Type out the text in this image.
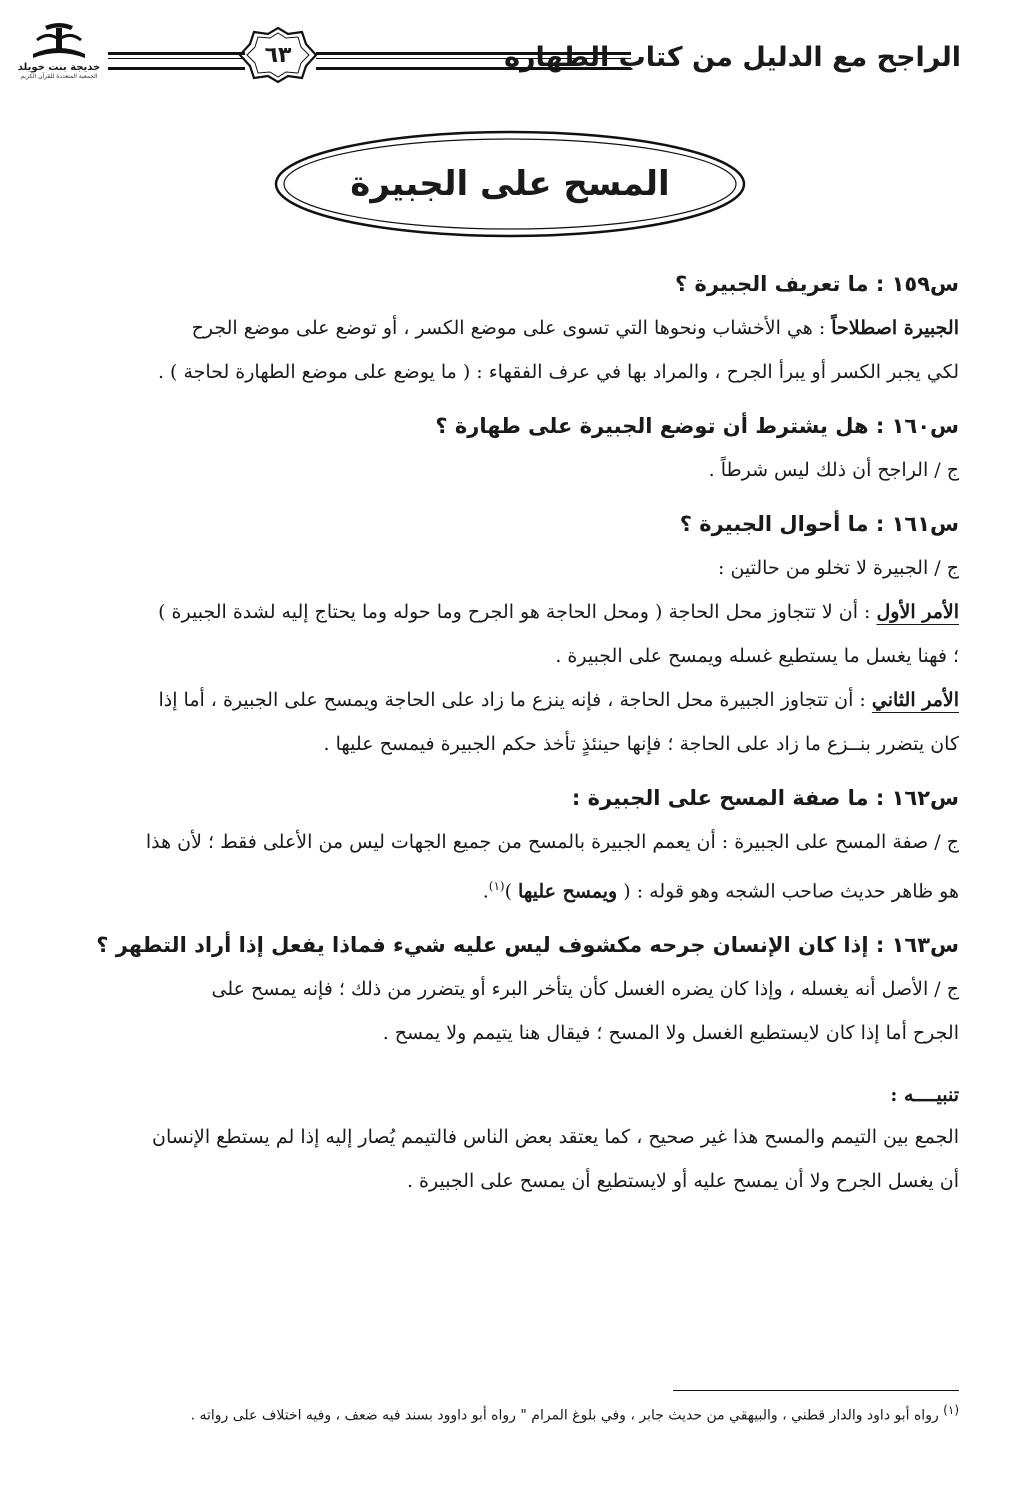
الراجح مع الدليل من كتاب الطهارة
٦٣
خديجة بنت خويلد
الجمعية المتعددة للقرآن الكريم
المسح على الجبيرة
س١٥٩ : ما تعريف الجبيرة ؟
الجبيرة اصطلاحاً : هي الأخشاب ونحوها التي تسوى على موضع الكسر ، أو توضع على موضع الجرح
لكي يجبر الكسر أو يبرأ الجرح ، والمراد بها في عرف الفقهاء : ( ما يوضع على موضع الطهارة لحاجة ) .
س١٦٠ : هل يشترط أن توضع الجبيرة على طهارة ؟
ج / الراجح أن ذلك ليس شرطاً .
س١٦١ : ما أحوال الجبيرة ؟
ج / الجبيرة لا تخلو من حالتين :
الأمر الأول : أن لا تتجاوز محل الحاجة ( ومحل الحاجة هو الجرح وما حوله وما يحتاج إليه لشدة الجبيرة )
؛ فهنا يغسل ما يستطيع غسله ويمسح على الجبيرة .
الأمر الثاني : أن تتجاوز الجبيرة محل الحاجة ، فإنه ينزع ما زاد على الحاجة ويمسح على الجبيرة ، أما إذا
كان يتضرر بنــزع ما زاد على الحاجة ؛ فإنها حينئذٍ تأخذ حكم الجبيرة فيمسح عليها .
س١٦٢ : ما صفة المسح على الجبيرة :
ج / صفة المسح على الجبيرة : أن يعمم الجبيرة بالمسح من جميع الجهات ليس من الأعلى فقط ؛ لأن هذا
هو ظاهر حديث صاحب الشجه وهو قوله : ( ويمسح عليها )$^{(١)}$.
س١٦٣ : إذا كان الإنسان جرحه مكشوف ليس عليه شيء فماذا يفعل إذا أراد التطهر ؟
ج / الأصل أنه يغسله ، وإذا كان يضره الغسل كأن يتأخر البرء أو يتضرر من ذلك ؛ فإنه يمسح على
الجرح أما إذا كان لايستطيع الغسل ولا المسح ؛ فيقال هنا يتيمم ولا يمسح .
تنبيــــه :
الجمع بين التيمم والمسح هذا غير صحيح ، كما يعتقد بعض الناس فالتيمم يُصار إليه إذا لم يستطع الإنسان
أن يغسل الجرح ولا أن يمسح عليه أو لايستطيع أن يمسح على الجبيرة .
$^{(١)}$ رواه أبو داود والدار قطني ، والبيهقي من حديث جابر ، وفي بلوغ المرام " رواه أبو داوود بسند فيه ضعف ، وفيه اختلاف على رواته .
